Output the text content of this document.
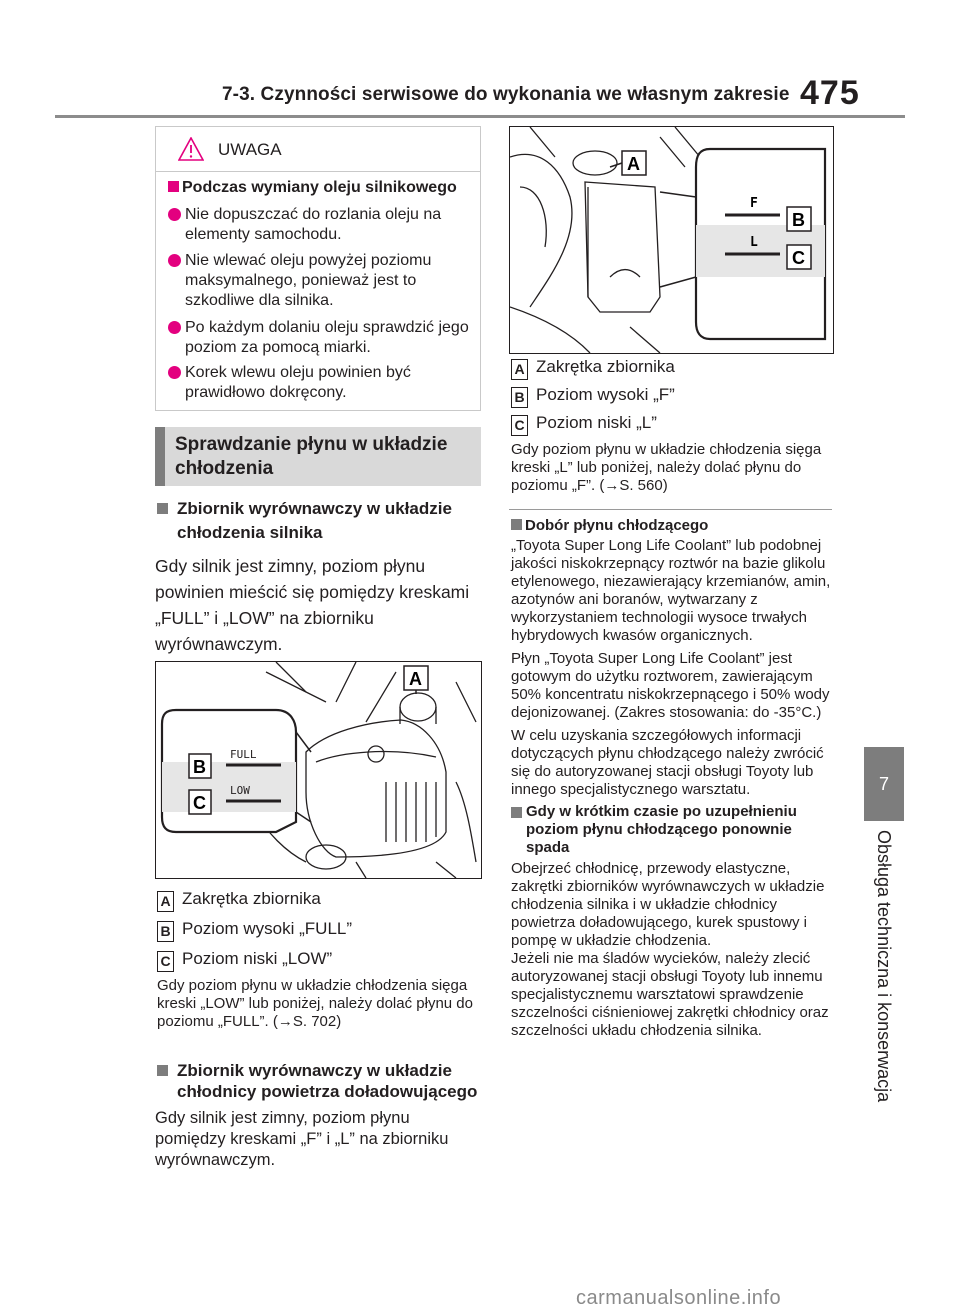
7-3. Czynności serwisowe do wykonania we własnym zakresie 475
7
Obsługa techniczna i konserwacja
UWAGA
Podczas wymiany oleju silnikowego
Nie dopuszczać do rozlania oleju na elementy samochodu.
Nie wlewać oleju powyżej poziomu maksymalnego, ponieważ jest to szkodliwe dla silnika.
Po każdym dolaniu oleju sprawdzić jego poziom za pomocą miarki.
Korek wlewu oleju powinien być prawidłowo dokręcony.
Sprawdzanie płynu w układzie chłodzenia
Zbiornik wyrównawczy w układzie chłodzenia silnika
Gdy silnik jest zimny, poziom płynu powinien mieścić się pomiędzy kreskami „FULL” i „LOW” na zbiorniku wyrównawczym.
FULL
LOW
B
C
A
A Zakrętka zbiornika
B Poziom wysoki „FULL”
C Poziom niski „LOW”
Gdy poziom płynu w układzie chłodzenia sięga kreski „LOW” lub poniżej, należy dolać płynu do poziomu „FULL”. (→S. 702)
Zbiornik wyrównawczy w układzie chłodnicy powietrza doładowującego
Gdy silnik jest zimny, poziom płynu pomiędzy kreskami „F” i „L” na zbiorniku wyrównawczym.
F
L
B
C
A
A Zakrętka zbiornika
B Poziom wysoki „F”
C Poziom niski „L”
Gdy poziom płynu w układzie chłodzenia sięga kreski „L” lub poniżej, należy dolać płynu do poziomu „F”. (→S. 560)
Dobór płynu chłodzącego
„Toyota Super Long Life Coolant” lub podobnej jakości niskokrzepnący roztwór na bazie glikolu etylenowego, niezawierający krzemianów, amin, azotynów ani boranów, wytwarzany z wykorzystaniem technologii wysoce trwałych hybrydowych kwasów organicznych.
Płyn „Toyota Super Long Life Coolant” jest gotowym do użytku roztworem, zawierającym 50% koncentratu niskokrzepnącego i 50% wody dejonizowanej. (Zakres stosowania: do -35°C.)
W celu uzyskania szczegółowych informacji dotyczących płynu chłodzącego należy zwrócić się do autoryzowanej stacji obsługi Toyoty lub innego specjalistycznego warsztatu.
Gdy w krótkim czasie po uzupełnieniu poziom płynu chłodzącego ponownie spada
Obejrzeć chłodnicę, przewody elastyczne, zakrętki zbiorników wyrównawczych w układzie chłodzenia silnika i w układzie chłodnicy powietrza doładowującego, kurek spustowy i pompę w układzie chłodzenia.
Jeżeli nie ma śladów wycieków, należy zlecić autoryzowanej stacji obsługi Toyoty lub innemu specjalistycznemu warsztatowi sprawdzenie szczelności ciśnieniowej zakrętki chłodnicy oraz szczelności układu chłodzenia silnika.
carmanualsonline.info
